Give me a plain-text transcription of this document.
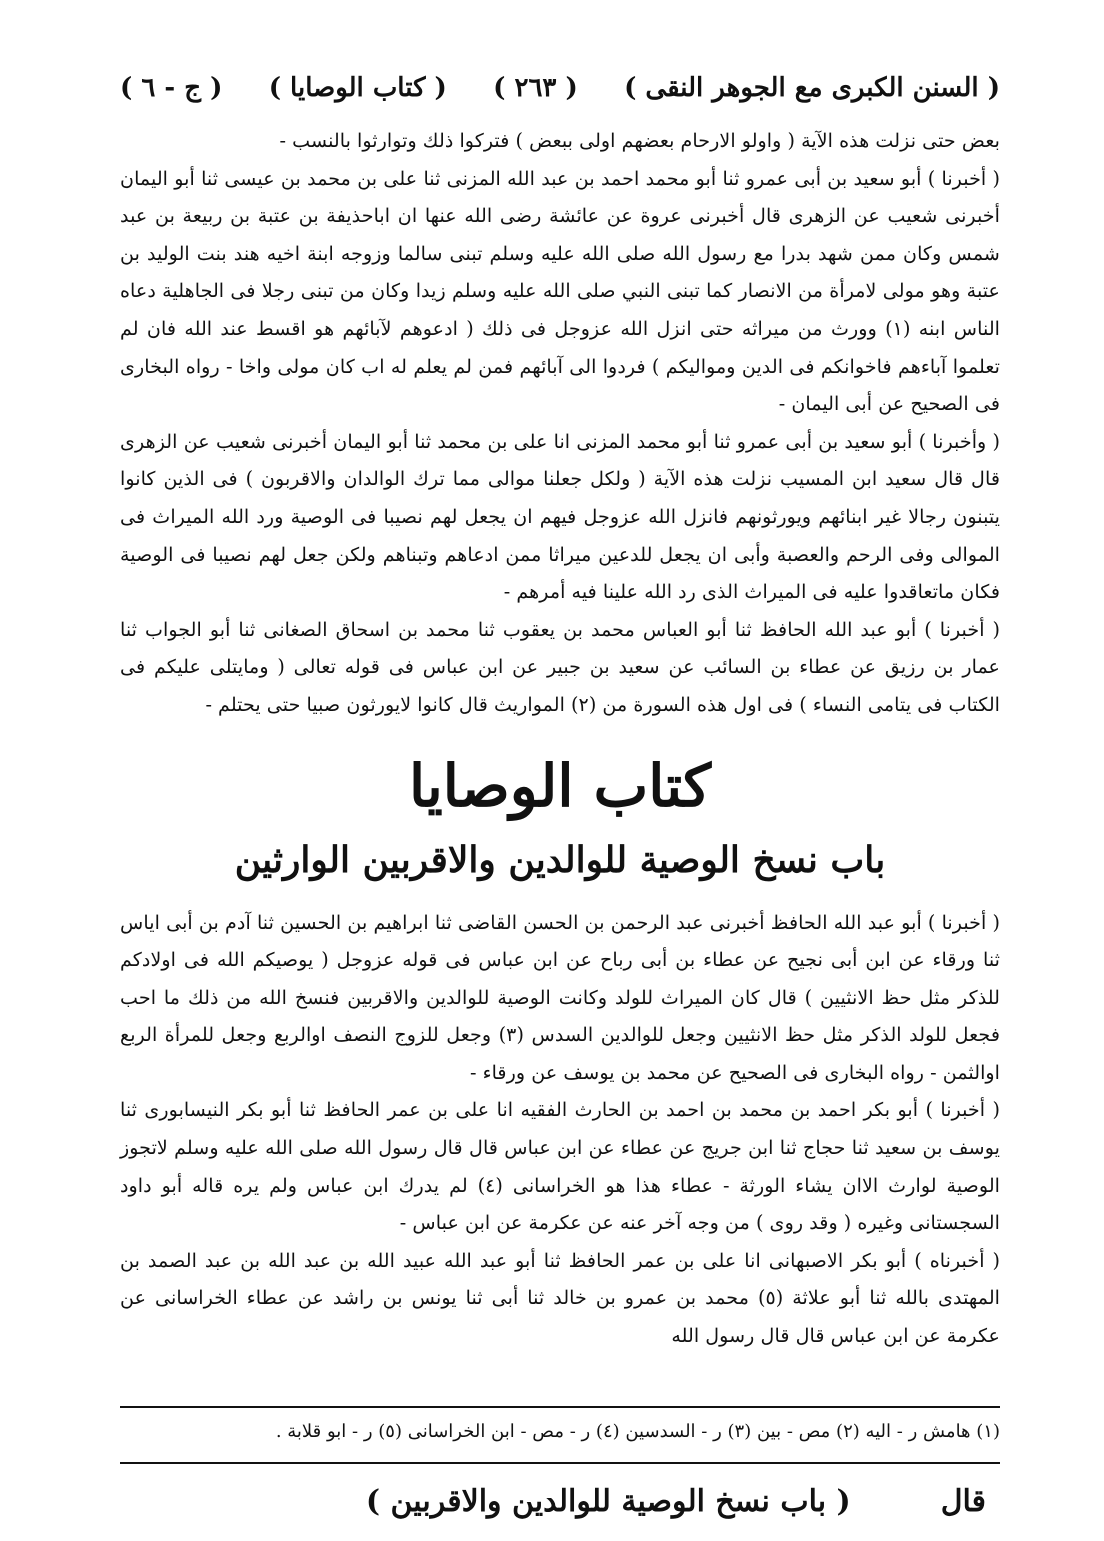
( السنن الكبرى مع الجوهر النقى )
( ٢٦٣ )
( كتاب الوصايا )
( ج - ٦ )

بعض حتى نزلت هذه الآية ( واولو الارحام بعضهم اولى ببعض ) فتركوا ذلك وتوارثوا بالنسب -

( أخبرنا ) أبو سعيد بن أبى عمرو ثنا أبو محمد احمد بن عبد الله المزنى ثنا على بن محمد بن عيسى ثنا أبو اليمان أخبرنى شعيب عن الزهرى قال أخبرنى عروة عن عائشة رضى الله عنها ان اباحذيفة بن عتبة بن ربيعة بن عبد شمس وكان ممن شهد بدرا مع رسول الله صلى الله عليه وسلم تبنى سالما وزوجه ابنة اخيه هند بنت الوليد بن عتبة وهو مولى لامرأة من الانصار كما تبنى النبي صلى الله عليه وسلم زيدا وكان من تبنى رجلا فى الجاهلية دعاه الناس ابنه (١) وورث من ميراثه حتى انزل الله عزوجل فى ذلك ( ادعوهم لآبائهم هو اقسط عند الله فان لم تعلموا آباءهم فاخوانكم فى الدين ومواليكم ) فردوا الى آبائهم فمن لم يعلم له اب كان مولى واخا - رواه البخارى فى الصحيح عن أبى اليمان -

( وأخبرنا ) أبو سعيد بن أبى عمرو ثنا أبو محمد المزنى انا على بن محمد ثنا أبو اليمان أخبرنى شعيب عن الزهرى قال قال سعيد ابن المسيب نزلت هذه الآية ( ولكل جعلنا موالى مما ترك الوالدان والاقربون ) فى الذين كانوا يتبنون رجالا غير ابنائهم ويورثونهم فانزل الله عزوجل فيهم ان يجعل لهم نصيبا فى الوصية ورد الله الميراث فى الموالى وفى الرحم والعصبة وأبى ان يجعل للدعين ميراثا ممن ادعاهم وتبناهم ولكن جعل لهم نصيبا فى الوصية فكان ماتعاقدوا عليه فى الميراث الذى رد الله علينا فيه أمرهم -

( أخبرنا ) أبو عبد الله الحافظ ثنا أبو العباس محمد بن يعقوب ثنا محمد بن اسحاق الصغانى ثنا أبو الجواب ثنا عمار بن رزيق عن عطاء بن السائب عن سعيد بن جبير عن ابن عباس فى قوله تعالى ( ومايتلى عليكم فى الكتاب فى يتامى النساء ) فى اول هذه السورة من (٢) المواريث قال كانوا لايورثون صبيا حتى يحتلم -

كتاب الوصايا
باب نسخ الوصية للوالدين والاقربين الوارثين

( أخبرنا ) أبو عبد الله الحافظ أخبرنى عبد الرحمن بن الحسن القاضى ثنا ابراهيم بن الحسين ثنا آدم بن أبى اياس ثنا ورقاء عن ابن أبى نجيح عن عطاء بن أبى رباح عن ابن عباس فى قوله عزوجل ( يوصيكم الله فى اولادكم للذكر مثل حظ الانثيين ) قال كان الميراث للولد وكانت الوصية للوالدين والاقربين فنسخ الله من ذلك ما احب فجعل للولد الذكر مثل حظ الانثيين وجعل للوالدين السدس (٣) وجعل للزوج النصف اوالربع وجعل للمرأة الربع اوالثمن - رواه البخارى فى الصحيح عن محمد بن يوسف عن ورقاء -

( أخبرنا ) أبو بكر احمد بن محمد بن احمد بن الحارث الفقيه انا على بن عمر الحافظ ثنا أبو بكر النيسابورى ثنا يوسف بن سعيد ثنا حجاج ثنا ابن جريج عن عطاء عن ابن عباس قال قال رسول الله صلى الله عليه وسلم لاتجوز الوصية لوارث الاان يشاء الورثة - عطاء هذا هو الخراسانى (٤) لم يدرك ابن عباس ولم يره قاله أبو داود السجستانى وغيره ( وقد روى ) من وجه آخر عنه عن عكرمة عن ابن عباس -

( أخبرناه ) أبو بكر الاصبهانى انا على بن عمر الحافظ ثنا أبو عبد الله عبيد الله بن عبد الله بن عبد الصمد بن المهتدى بالله ثنا أبو علاثة (٥) محمد بن عمرو بن خالد ثنا أبى ثنا يونس بن راشد عن عطاء الخراسانى عن عكرمة عن ابن عباس قال قال رسول الله

(١) هامش ر - اليه (٢) مص - بين (٣) ر - السدسين (٤) ر - مص - ابن الخراسانى (٥) ر - ابو قلابة .
قال
( باب نسخ الوصية للوالدين والاقربين )
